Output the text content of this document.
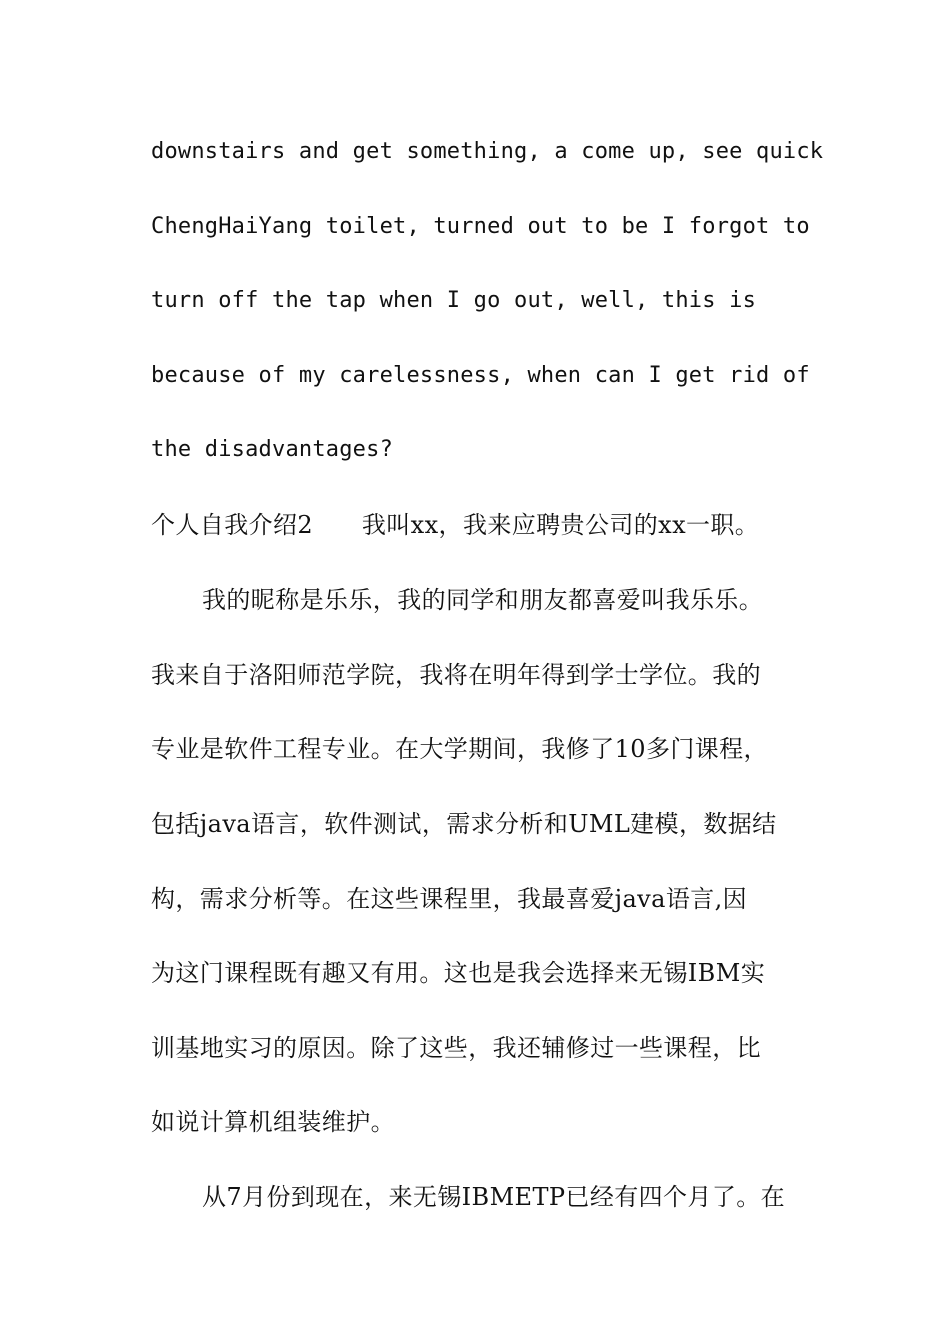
downstairs and get something, a come up, see quick
ChengHaiYang toilet, turned out to be I forgot to
turn off the tap when I go out, well, this is
because of my carelessness, when can I get rid of
the disadvantages?
个人自我介绍2　　我叫xx，我来应聘贵公司的xx一职。
我的昵称是乐乐，我的同学和朋友都喜爱叫我乐乐。
我来自于洛阳师范学院，我将在明年得到学士学位。我的
专业是软件工程专业。在大学期间，我修了10多门课程，
包括java语言，软件测试，需求分析和UML建模，数据结
构，需求分析等。在这些课程里，我最喜爱java语言,因
为这门课程既有趣又有用。这也是我会选择来无锡IBM实
训基地实习的原因。除了这些，我还辅修过一些课程，比
如说计算机组装维护。
从7月份到现在，来无锡IBMETP已经有四个月了。在
